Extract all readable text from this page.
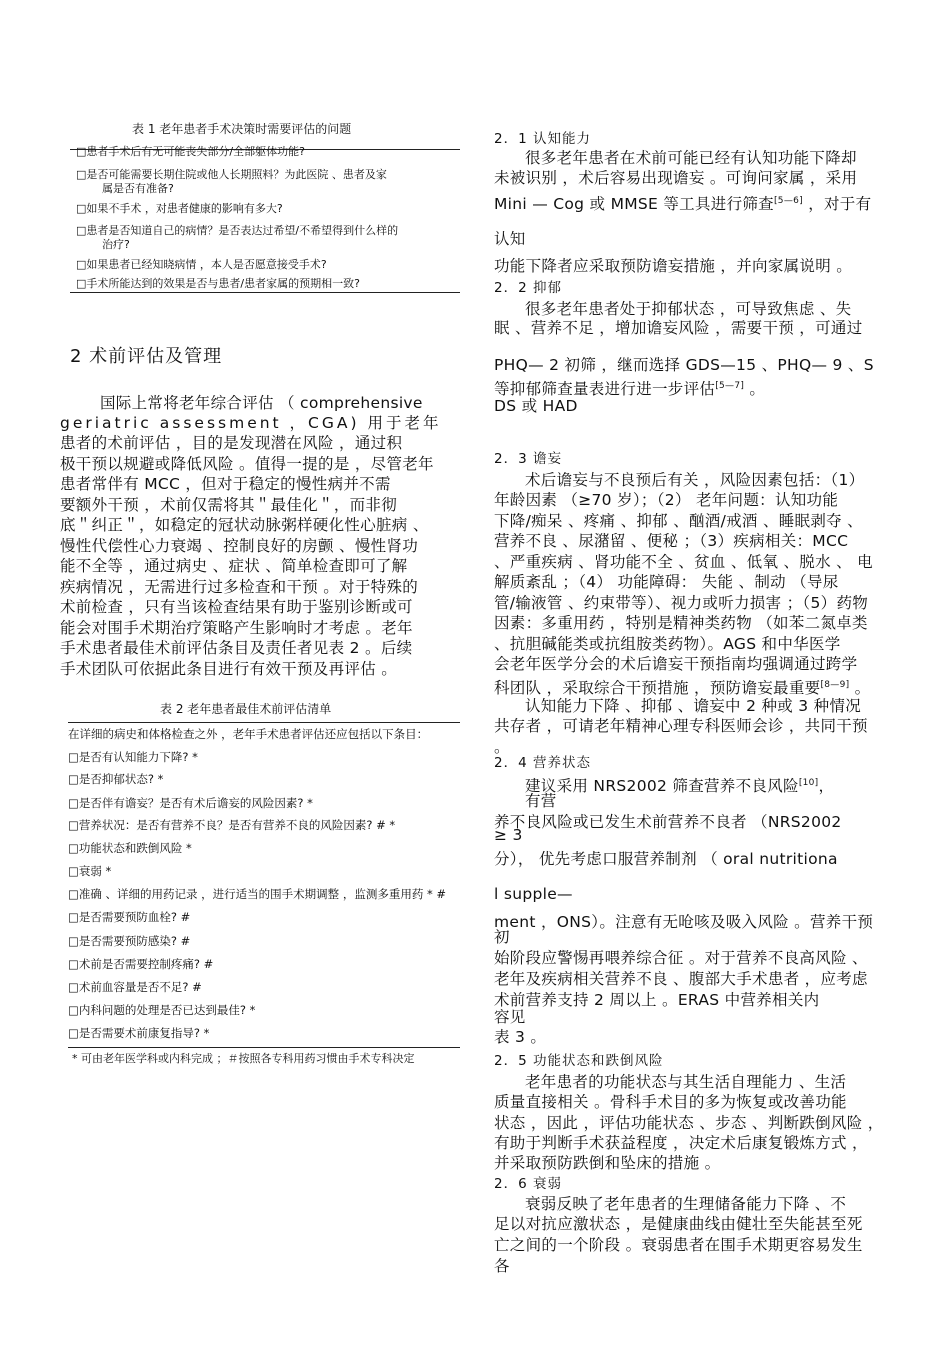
表 1 老年患者手术决策时需要评估的问题
□患者手术后有无可能丧失部分/全部躯体功能?
□是否可能需要长期住院或他人长期照料？为此医院 、患者及家
属是否有准备?
□如果不手术 ，对患者健康的影响有多大?
□患者是否知道自己的病情？是否表达过希望/不希望得到什么样的
治疗?
□如果患者已经知晓病情 ，本人是否愿意接受手术?
□手术所能达到的效果是否与患者/患者家属的预期相一致?
2 术前评估及管理
国际上常将老年综合评估 （ comprehensive
geriatric assessment ，CGA) 用于老年
患者的术前评估 ，目的是发现潜在风险 ，通过积
极干预以规避或降低风险 。值得一提的是 ，尽管老年
患者常伴有 MCC ，但对于稳定的慢性病并不需
要额外干预 ，术前仅需将其＂最佳化＂，而非彻
底＂纠正＂，如稳定的冠状动脉粥样硬化性心脏病 、
慢性代偿性心力衰竭 、控制良好的房颤 、慢性肾功
能不全等 ，通过病史 、症状 、简单检查即可了解
疾病情况 ，无需进行过多检查和干预 。对于特殊的
术前检查 ，只有当该检查结果有助于鉴别诊断或可
能会对围手术期治疗策略产生影响时才考虑 。老年
手术患者最佳术前评估条目及责任者见表 2 。后续
手术团队可依据此条目进行有效干预及再评估 。
表 2 老年患者最佳术前评估清单
在详细的病史和体格检查之外 ，老年手术患者评估还应包括以下条目：
□是否有认知能力下降? *
□是否抑郁状态? *
□是否伴有谵妄？是否有术后谵妄的风险因素? *
□营养状况：是否有营养不良？是否有营养不良的风险因素? # *
□功能状态和跌倒风险 *
□衰弱 *
□准确 、详细的用药记录 ，进行适当的围手术期调整 ，监测多重用药 * #
□是否需要预防血栓? #
□是否需要预防感染? #
□术前是否需要控制疼痛? #
□术前血容量是否不足? #
□内科问题的处理是否已达到最佳? *
□是否需要术前康复指导? *
* 可由老年医学科或内科完成 ；＃按照各专科用药习惯由手术专科决定
2．1 认知能力
很多老年患者在术前可能已经有认知功能下降却
未被识别 ，术后容易出现谵妄 。可询问家属 ，采用
Mini — Cog 或 MMSE 等工具进行筛查[5—6] ，对于有
认知
功能下降者应采取预防谵妄措施 ，并向家属说明 。
2．2 抑郁
很多老年患者处于抑郁状态 ，可导致焦虑 、失
眠 、营养不足 ，增加谵妄风险 ，需要干预 ，可通过
PHQ— 2 初筛 ，继而选择 GDS—15 、PHQ— 9 、S
等抑郁筛查量表进行进一步评估[5—7] 。
DS 或 HAD
2．3 谵妄
术后谵妄与不良预后有关 ，风险因素包括：（1）
年龄因素 （≥70 岁）；（2） 老年问题：认知功能
下降/痴呆 、疼痛 、抑郁 、酗酒/戒酒 、睡眠剥夺 、
营养不良 、尿潴留 、便秘 ；（3）疾病相关：MCC
、严重疾病 、肾功能不全 、贫血 、低氧 、脱水 、 电
解质紊乱 ；（4） 功能障碍： 失能 、制动 （导尿
管/输液管 、约束带等）、视力或听力损害 ；（5）药物
因素：多重用药 ，特别是精神类药物 （如苯二氮卓类
、抗胆碱能类或抗组胺类药物）。AGS 和中华医学
会老年医学分会的术后谵妄干预指南均强调通过跨学
科团队 ，采取综合干预措施 ，预防谵妄最重要[8—9] 。
认知能力下降 、抑郁 、谵妄中 2 种或 3 种情况
共存者 ，可请老年精神心理专科医师会诊 ，共同干预
。
2．4 营养状态
建议采用 NRS2002 筛查营养不良风险[10]，
有营
养不良风险或已发生术前营养不良者 （NRS2002
≥ 3
分）， 优先考虑口服营养制剂 （ oral nutritiona
l supple—
ment ，ONS）。注意有无呛咳及吸入风险 。营养干预
初
始阶段应警惕再喂养综合征 。对于营养不良高风险 、
老年及疾病相关营养不良 、腹部大手术患者 ，应考虑
术前营养支持 2 周以上 。ERAS 中营养相关内
容见
表 3 。
2．5 功能状态和跌倒风险
老年患者的功能状态与其生活自理能力 、生活
质量直接相关 。骨科手术目的多为恢复或改善功能
状态 ，因此 ，评估功能状态 、步态 、判断跌倒风险 ，
有助于判断手术获益程度 ，决定术后康复锻炼方式 ，
并采取预防跌倒和坠床的措施 。
2．6 衰弱
衰弱反映了老年患者的生理储备能力下降 、不
足以对抗应激状态 ，是健康曲线由健壮至失能甚至死
亡之间的一个阶段 。衰弱患者在围手术期更容易发生
各
